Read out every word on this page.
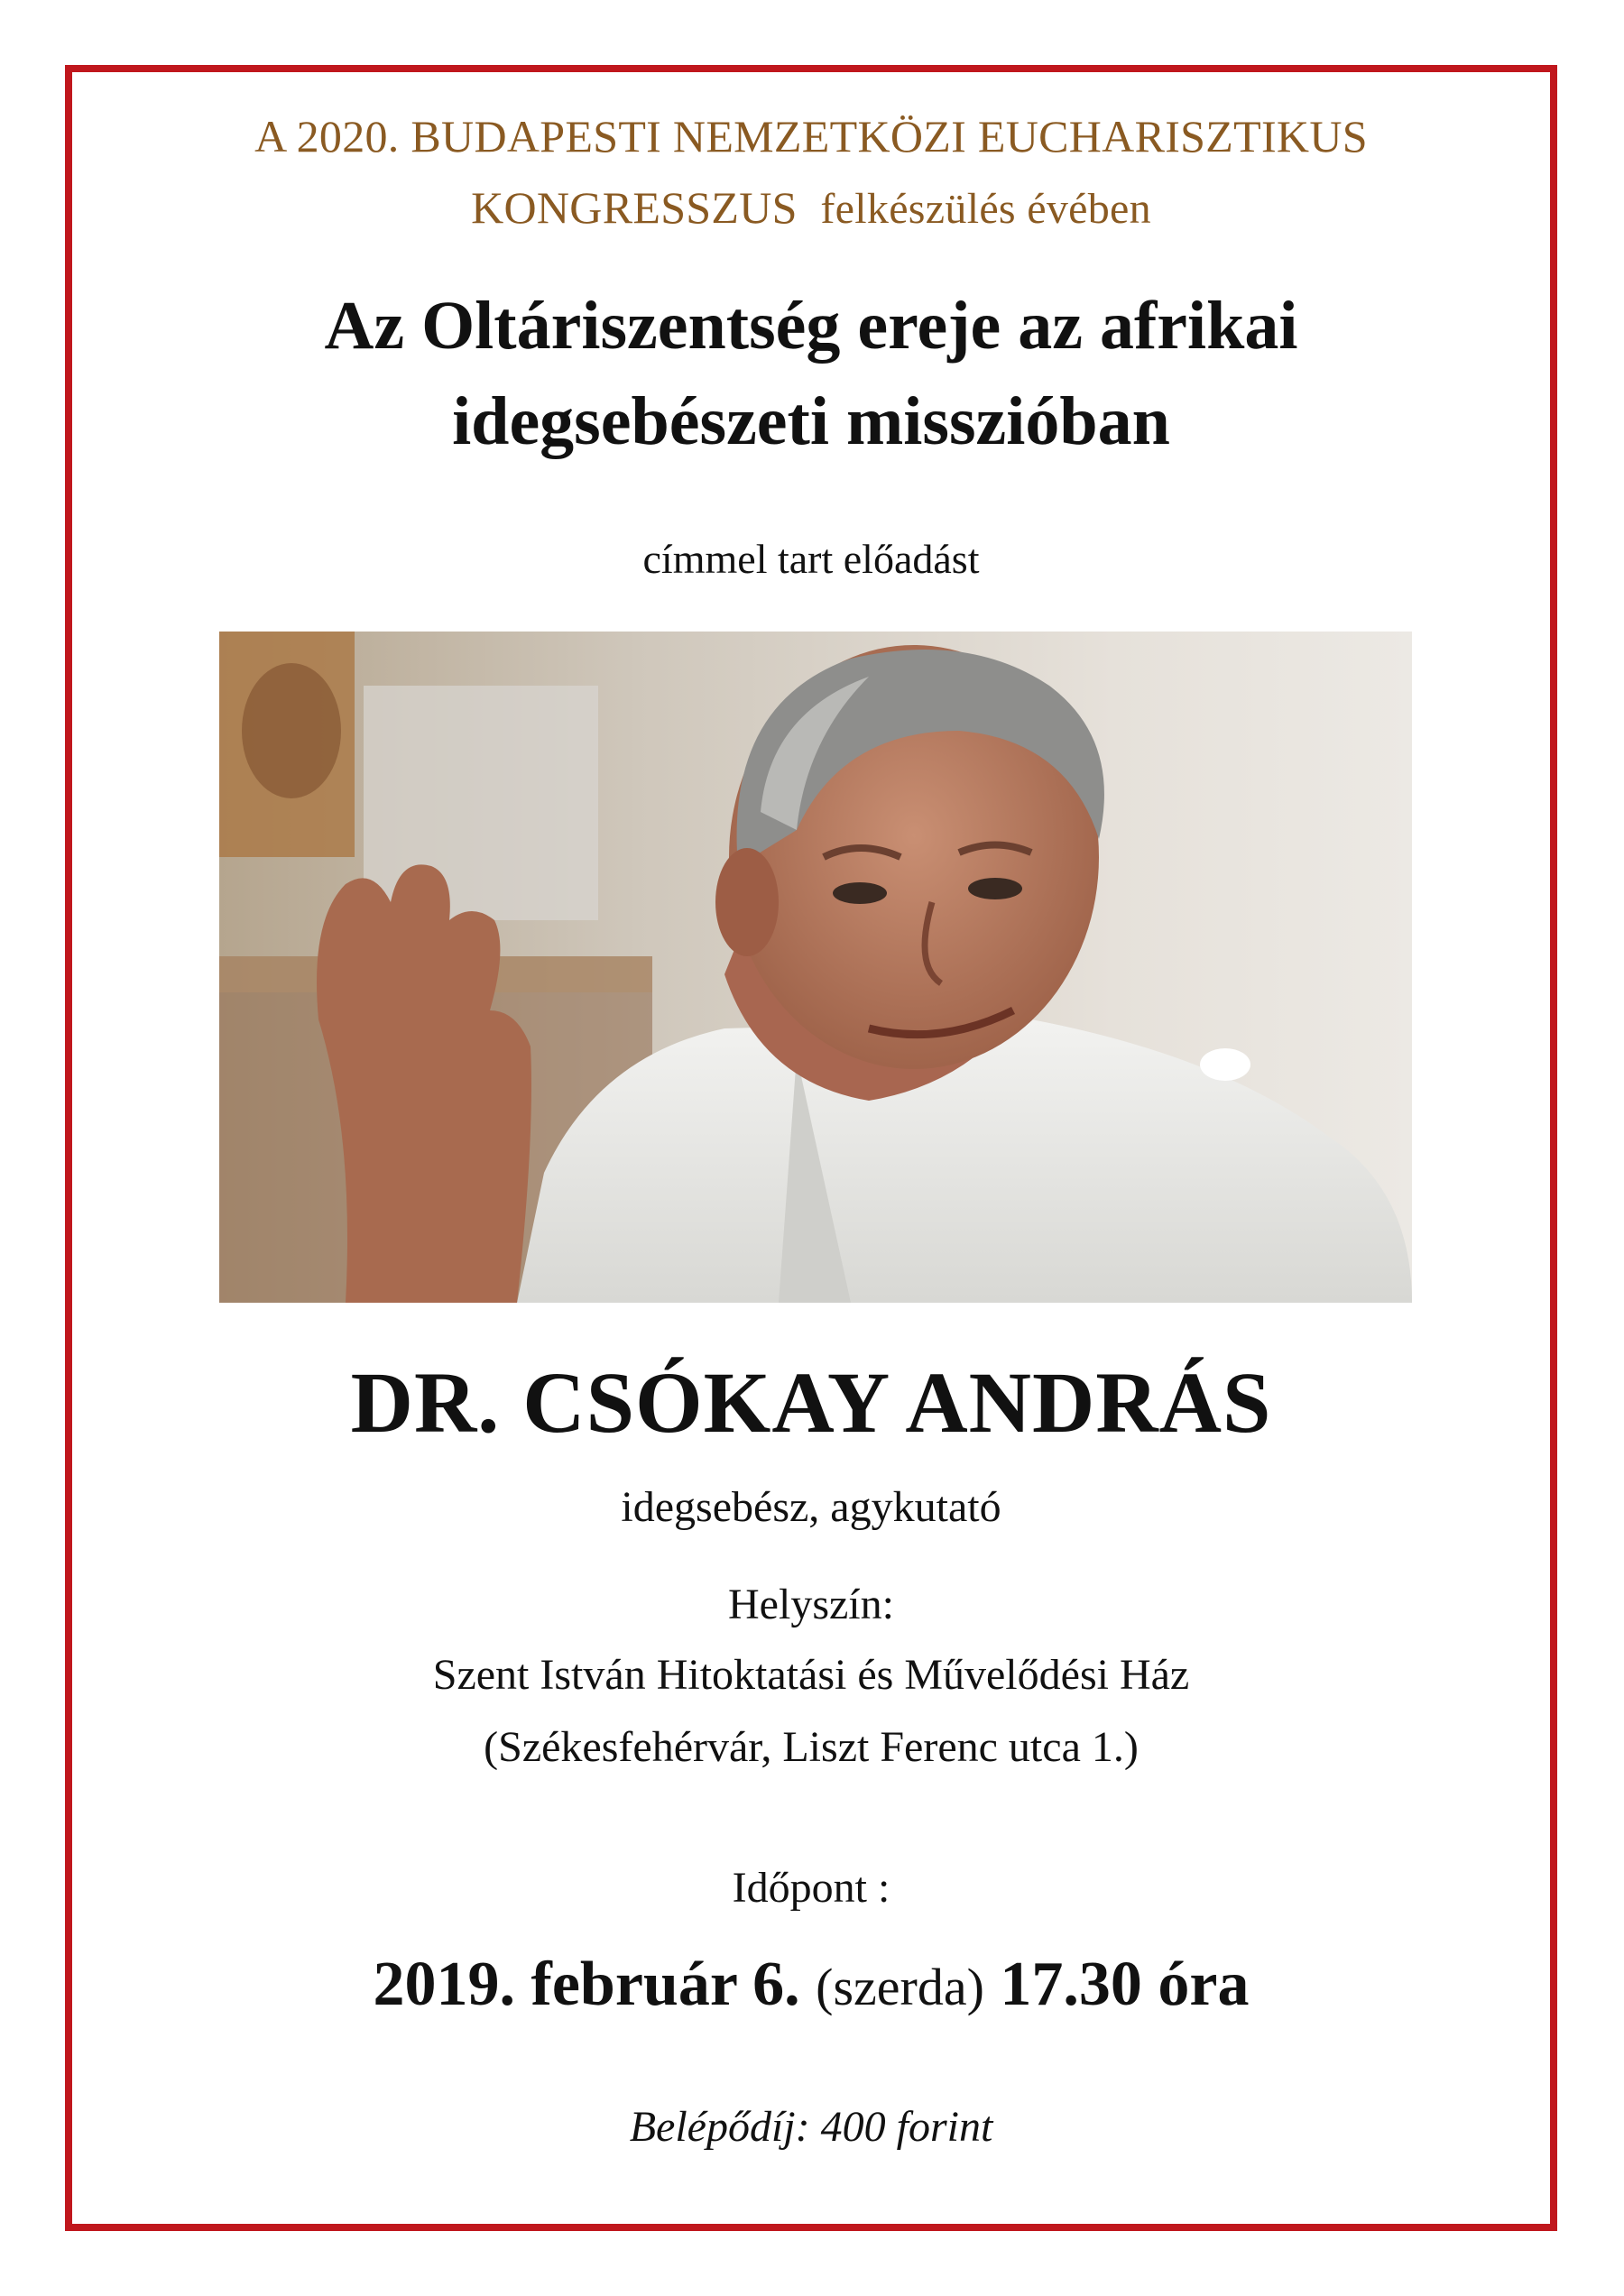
A 2020. BUDAPESTI NEMZETKÖZI EUCHARISZTIKUS
KONGRESSZUS felkészülés évében
Az Oltáriszentség ereje az afrikai
idegsebészeti misszióban
címmel tart előadást
DR. CSÓKAY ANDRÁS
idegsebész, agykutató
Helyszín:
Szent István Hitoktatási és Művelődési Ház
(Székesfehérvár, Liszt Ferenc utca 1.)
Időpont :
2019. február 6. (szerda) 17.30 óra
Belépődíj: 400 forint
